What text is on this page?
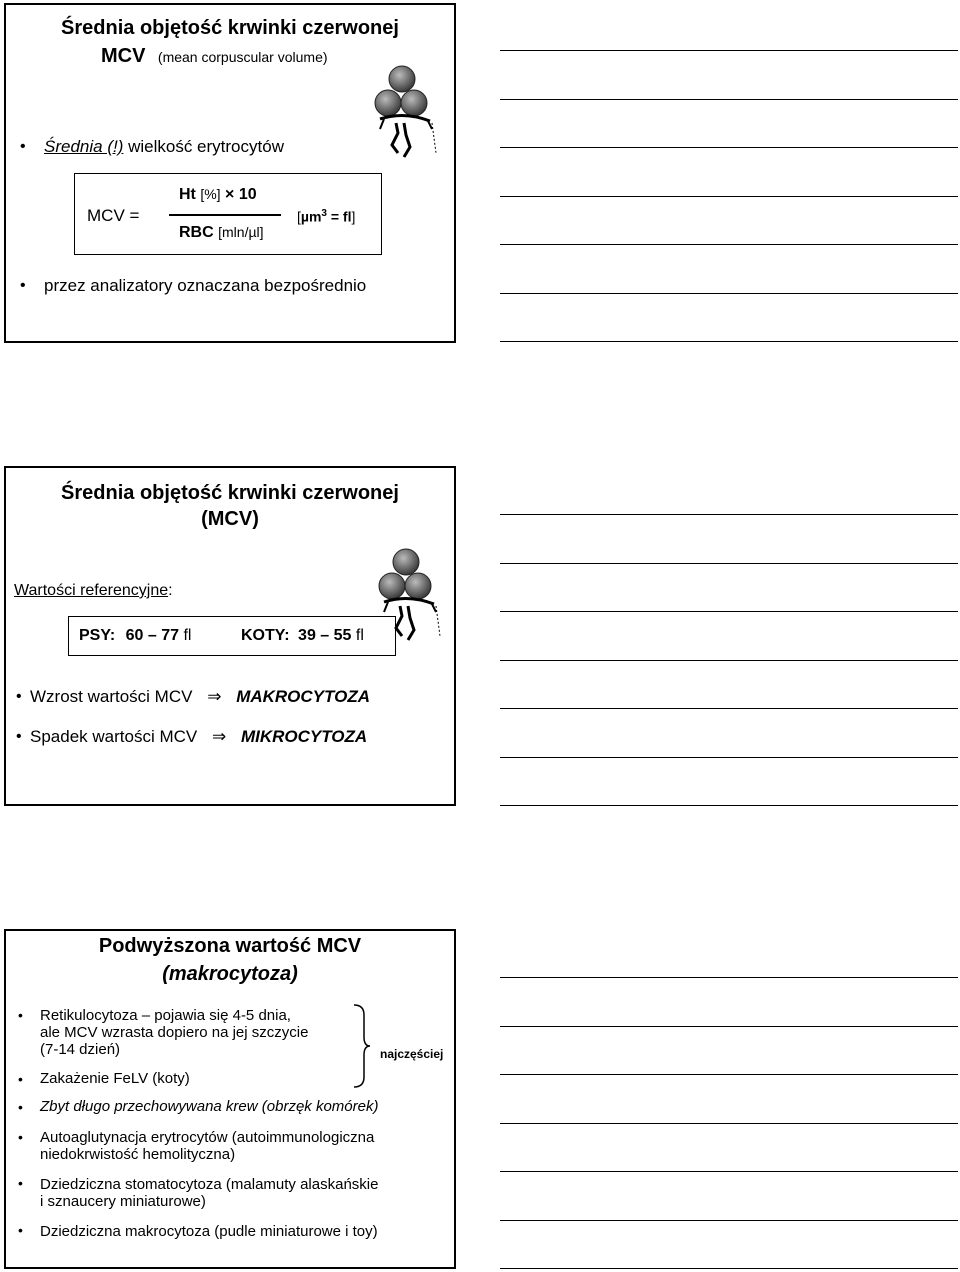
Średnia objętość krwinki czerwonej
MCV (mean corpuscular volume)
• Średnia (!) wielkość erytrocytów
MCV =
Ht [%] × 10
RBC [mln/µl]
[µm$^3$ = fl]
• przez analizatory oznaczana bezpośrednio
Średnia objętość krwinki czerwonej
(MCV)
Wartości referencyjne:
PSY: 60 – 77 fl	KOTY: 39 – 55 fl
• Wzrost wartości MCV ⇒ MAKROCYTOZA
• Spadek wartości MCV ⇒ MIKROCYTOZA
Podwyższona wartość MCV
(makrocytoza)
• Retikulocytoza – pojawia się 4-5 dnia,
ale MCV wzrasta dopiero na jej szczycie
(7-14 dzień)
• Zakażenie FeLV (koty)
najczęściej
• Zbyt długo przechowywana krew (obrzęk komórek)
• Autoaglutynacja erytrocytów (autoimmunologiczna
niedokrwistość hemolityczna)
• Dziedziczna stomatocytoza (malamuty alaskańskie
i sznaucery miniaturowe)
• Dziedziczna makrocytoza (pudle miniaturowe i toy)
